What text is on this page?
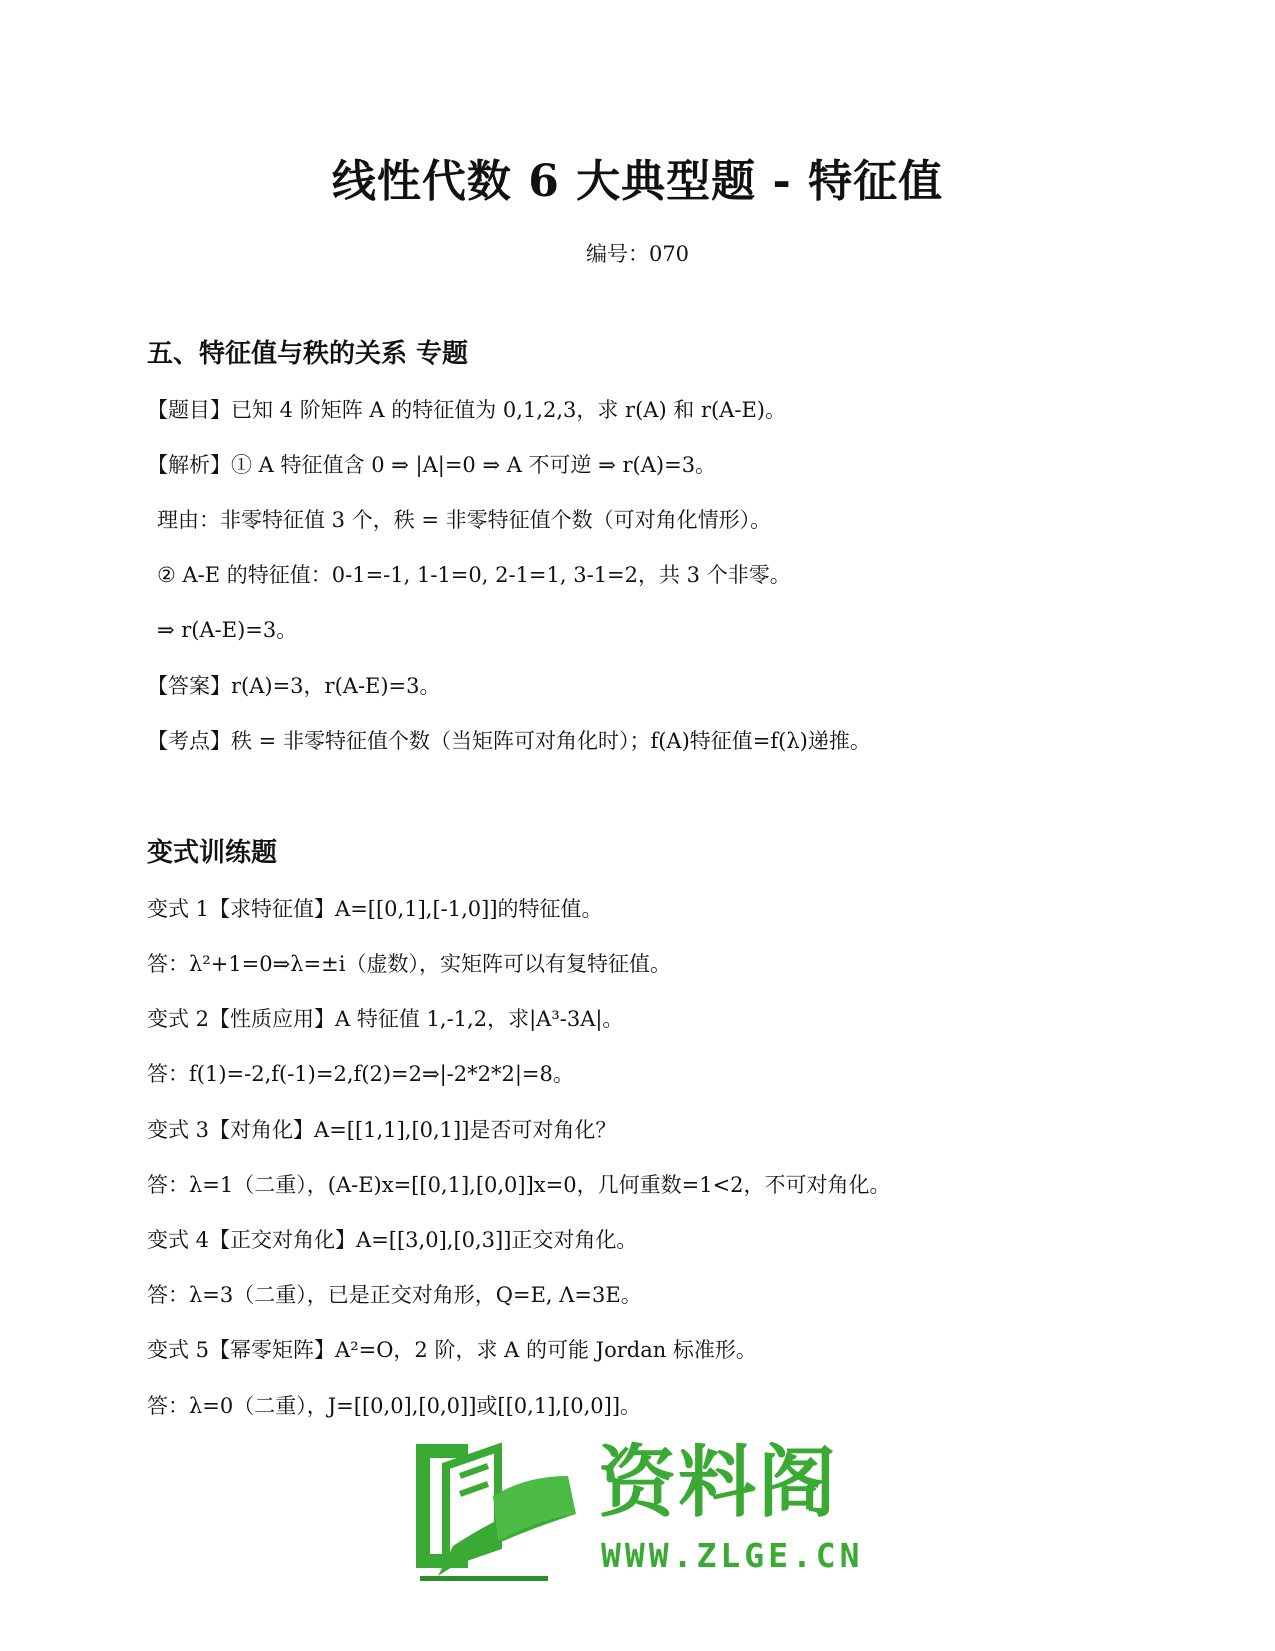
线性代数 6 大典型题 - 特征值
编号：070
五、特征值与秩的关系 专题
【题目】已知 4 阶矩阵 A 的特征值为 0,1,2,3，求 r(A) 和 r(A-E)。
【解析】① A 特征值含 0 ⇒ |A|=0 ⇒ A 不可逆 ⇒ r(A)=3。
理由：非零特征值 3 个，秩 = 非零特征值个数（可对角化情形）。
② A-E 的特征值：0-1=-1, 1-1=0, 2-1=1, 3-1=2，共 3 个非零。
⇒ r(A-E)=3。
【答案】r(A)=3，r(A-E)=3。
【考点】秩 = 非零特征值个数（当矩阵可对角化时）；f(A)特征值=f(λ)递推。
变式训练题
变式 1【求特征值】A=[[0,1],[-1,0]]的特征值。
答：λ²+1=0⇒λ=±i（虚数），实矩阵可以有复特征值。
变式 2【性质应用】A 特征值 1,-1,2，求|A³-3A|。
答：f(1)=-2,f(-1)=2,f(2)=2⇒|-2*2*2|=8。
变式 3【对角化】A=[[1,1],[0,1]]是否可对角化？
答：λ=1（二重），(A-E)x=[[0,1],[0,0]]x=0，几何重数=1<2，不可对角化。
变式 4【正交对角化】A=[[3,0],[0,3]]正交对角化。
答：λ=3（二重），已是正交对角形，Q=E, Λ=3E。
变式 5【幂零矩阵】A²=O，2 阶，求 A 的可能 Jordan 标准形。
答：λ=0（二重），J=[[0,0],[0,0]]或[[0,1],[0,0]]。
资料阁
WWW.ZLGE.CN
